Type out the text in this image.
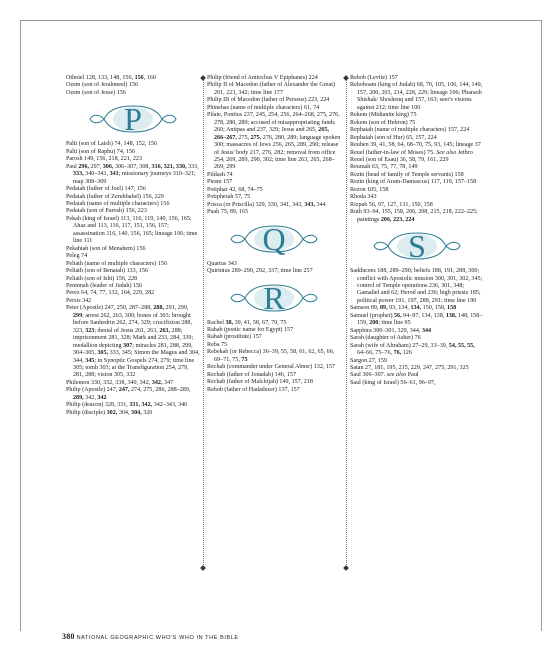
Othniel 128, 133, 148, 156, 156, 160

Ozem (son of Jerahmeel) 156

Ozem (son of Jesse) 156

P

Palti (son of Laish) 74, 148, 152, 156

Palti (son of Raphu) 74, 156

Parosh 149, 156, 218, 221, 223

Paul 296, 297, 306, 306–307, 308, 316, 321, 330, 333, 333, 340–341, 341; missionary journeys 310–321; map 308–309

Pedaiah (father of Joel) 147, 156

Pedaiah (father of Zerubbabel) 156, 229

Pedaiah (name of multiple characters) 156

Pedaiah (son of Parosh) 156, 223

Pekah (king of Israel) 113, 116, 119, 140, 156, 165; Ahaz and 113, 116, 117, 151, 156, 157; assassination 116, 140, 156, 165; lineage 106; time line 111

Pekahiah (son of Menahem) 156

Peleg 74

Peliath (name of multiple characters) 156

Peliath (son of Benaiah) 133, 156

Peliath (son of Ishi) 156, 228

Peninnah (leader of Judah) 156

Perez 64, 74, 77, 132, 164, 229, 282

Persis 342

Peter (Apostle) 247, 250, 287–288, 288, 291, 299, 299; arrest 262, 263, 300; bones of 303; brought before Sanhedrin 262, 274, 329; crucifixion 288, 323, 323; denial of Jesus 261, 263, 263, 288; imprisonment 281, 328; Mark and 233, 284, 339; medallion depicting 307; miracles 281, 288, 299, 304–305, 305, 333, 345; Simon the Magus and 304, 344, 345; in Synoptic Gospels 274, 279; time line 305; tomb 303; at the Transfiguration 254, 279, 281, 288; vision 305, 332

Philemon 330, 332, 338, 340, 342, 342, 347

Philip (Apostle) 247, 247, 274, 275, 286, 288–289, 289, 342, 342

Philip (deacon) 328, 331, 331, 342, 342–343, 346

Philip (disciple) 302, 304, 304, 320

Philip (friend of Antiochus V Epiphanes) 224

Philip II of Macedon (father of Alexander the Great) 201, 223, 342; time line 177

Philip III of Macedon (father of Perseus) 223, 224

Phinehas (name of multiple characters) 61, 74

Pilate, Pontius 237, 245, 254, 256, 264–268, 275, 276, 278, 280, 289; accused of misappropriating funds 260; Antipas and 237, 329; Jesus and 265, 265, 266–267, 275, 275, 276, 280, 289; language spoken 300; massacres of Jews 256, 265, 289, 290; release of Jesus' body 217, 276, 282; removal from office 254, 269, 289, 290, 302; time line 263, 265, 268–269, 299

Pildash 74

Piram 157

Potiphar 42, 68, 74–75

Potipherah 57, 75

Prisca (or Priscilla) 329, 330, 341, 343, 343, 344

Puah 75, 89, 165

Q

Quartus 343

Quirinius 289–290, 292, 337; time line 257

R

Rachel 38, 39, 41, 58, 67, 70, 75

Rahab (poetic name for Egypt) 157

Rahab (prostitute) 157

Reba 75

Rebekah (or Rebecca) 36–39, 55, 58, 61, 62, 65, 66, 69–71, 75, 75

Rechab (commander under General Abner) 132, 157

Rechab (father of Jonadab) 146, 157

Rechab (father of Malchijah) 149, 157, 218

Rehob (father of Hadadezer) 137, 157

Rehob (Levite) 157

Rehoboam (king of Judah) 68, 70, 105, 106, 144, 149, 157, 200, 203, 214, 228, 229; lineage 106; Pharaoh Shishak/ Shoshenq and 157, 163; seer's visions against 212; time line 100

Rekem (Midianite king) 75

Rekem (son of Hebron) 75

Rephaiah (name of multiple characters) 157, 224

Rephaiah (son of Hur) 65, 157, 224

Reuben 39, 41, 58, 64, 68–70, 75, 93, 145; lineage 37

Reuel (father-in-law of Moses) 75. See also Jethro

Reuel (son of Esau) 36, 58, 79, 161, 229

Reumah 63, 75, 77, 78, 149

Rezin (head of family of Temple servants) 158

Rezin (king of Aram-Damascus) 117, 119, 157–158

Rezon 105, 158

Rhoda 343

Rizpah 56, 97, 127, 131, 150, 158

Ruth 93–94, 155, 158, 206, 208, 215, 218, 222–225; paintings 206, 223, 224

S

Sadducees 188, 289–290; beliefs 188, 191, 288, 300; conflict with Apostolic mission 300, 301, 302, 345; control of Temple operations 236, 301, 348; Gamaliel and 62; Herod and 236; high priests 185; political power 191, 197, 288, 291; time line 190

Samson 89, 89, 93, 134, 134, 150, 158, 158

Samuel (prophet) 56, 94–97, 134, 138, 138, 148, 158–159, 200; time line 95

Sapphira 300–301, 329, 344, 344

Sarah (daughter of Asher) 76

Sarah (wife of Abraham) 27–29, 33–39, 54, 55, 55, 64–66, 75–76, 76, 126

Sargon 27, 159

Satan 27, 181, 195, 215, 229, 247, 275, 291, 325

Saul 306–307. see also Paul

Saul (king of Israel) 56–61, 96–97,

380 NATIONAL GEOGRAPHIC WHO'S WHO IN THE BIBLE
